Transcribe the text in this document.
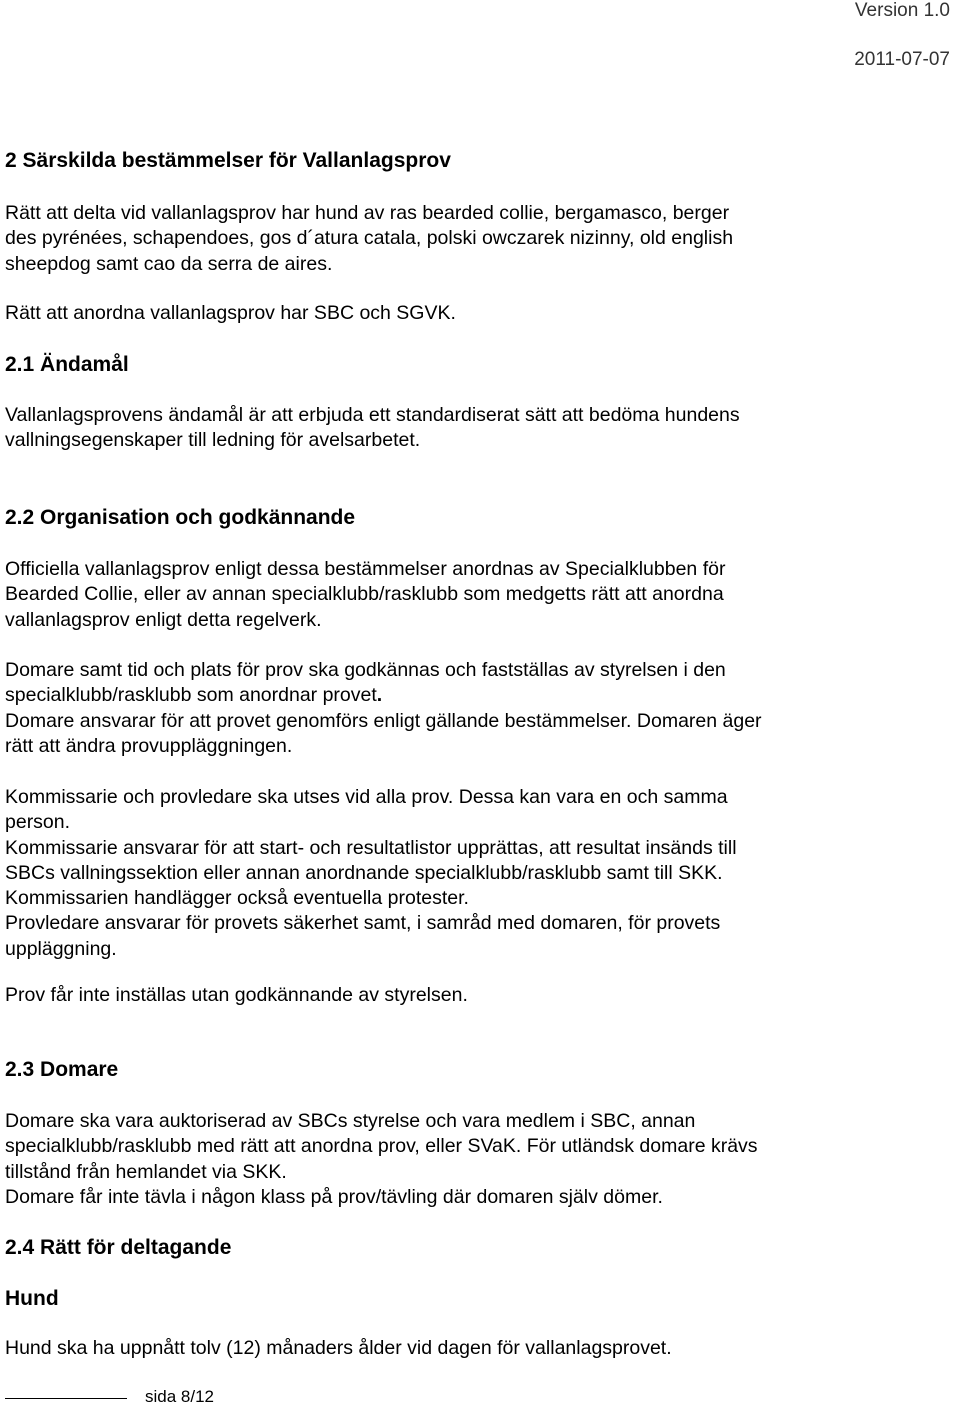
Version 1.0
2011-07-07
2 Särskilda bestämmelser för Vallanlagsprov
Rätt att delta vid vallanlagsprov har hund av ras bearded collie, bergamasco, berger
des pyrénées, schapendoes, gos d´atura catala, polski owczarek nizinny, old english
sheepdog samt cao da serra de aires.
Rätt att anordna vallanlagsprov har SBC och SGVK.
2.1 Ändamål
Vallanlagsprovens ändamål är att erbjuda ett standardiserat sätt att bedöma hundens
vallningsegenskaper till ledning för avelsarbetet.
2.2 Organisation och godkännande
Officiella vallanlagsprov enligt dessa bestämmelser anordnas av Specialklubben för
Bearded Collie, eller av annan specialklubb/rasklubb som medgetts rätt att anordna
vallanlagsprov enligt detta regelverk.
Domare samt tid och plats för prov ska godkännas och fastställas av styrelsen i den
specialklubb/rasklubb som anordnar provet.
Domare ansvarar för att provet genomförs enligt gällande bestämmelser. Domaren äger
rätt att ändra provuppläggningen.
Kommissarie och provledare ska utses vid alla prov. Dessa kan vara en och samma
person.
Kommissarie ansvarar för att start- och resultatlistor upprättas, att resultat insänds till
SBCs vallningssektion eller annan anordnande specialklubb/rasklubb samt till SKK.
Kommissarien handlägger också eventuella protester.
Provledare ansvarar för provets säkerhet samt, i samråd med domaren, för provets
uppläggning.
Prov får inte inställas utan godkännande av styrelsen.
2.3 Domare
Domare ska vara auktoriserad av SBCs styrelse och vara medlem i SBC, annan
specialklubb/rasklubb med rätt att anordna prov, eller SVaK. För utländsk domare krävs
tillstånd från hemlandet via SKK.
Domare får inte tävla i någon klass på prov/tävling där domaren själv dömer.
2.4 Rätt för deltagande
Hund
Hund ska ha uppnått tolv (12) månaders ålder vid dagen för vallanlagsprovet.
sida 8/12
